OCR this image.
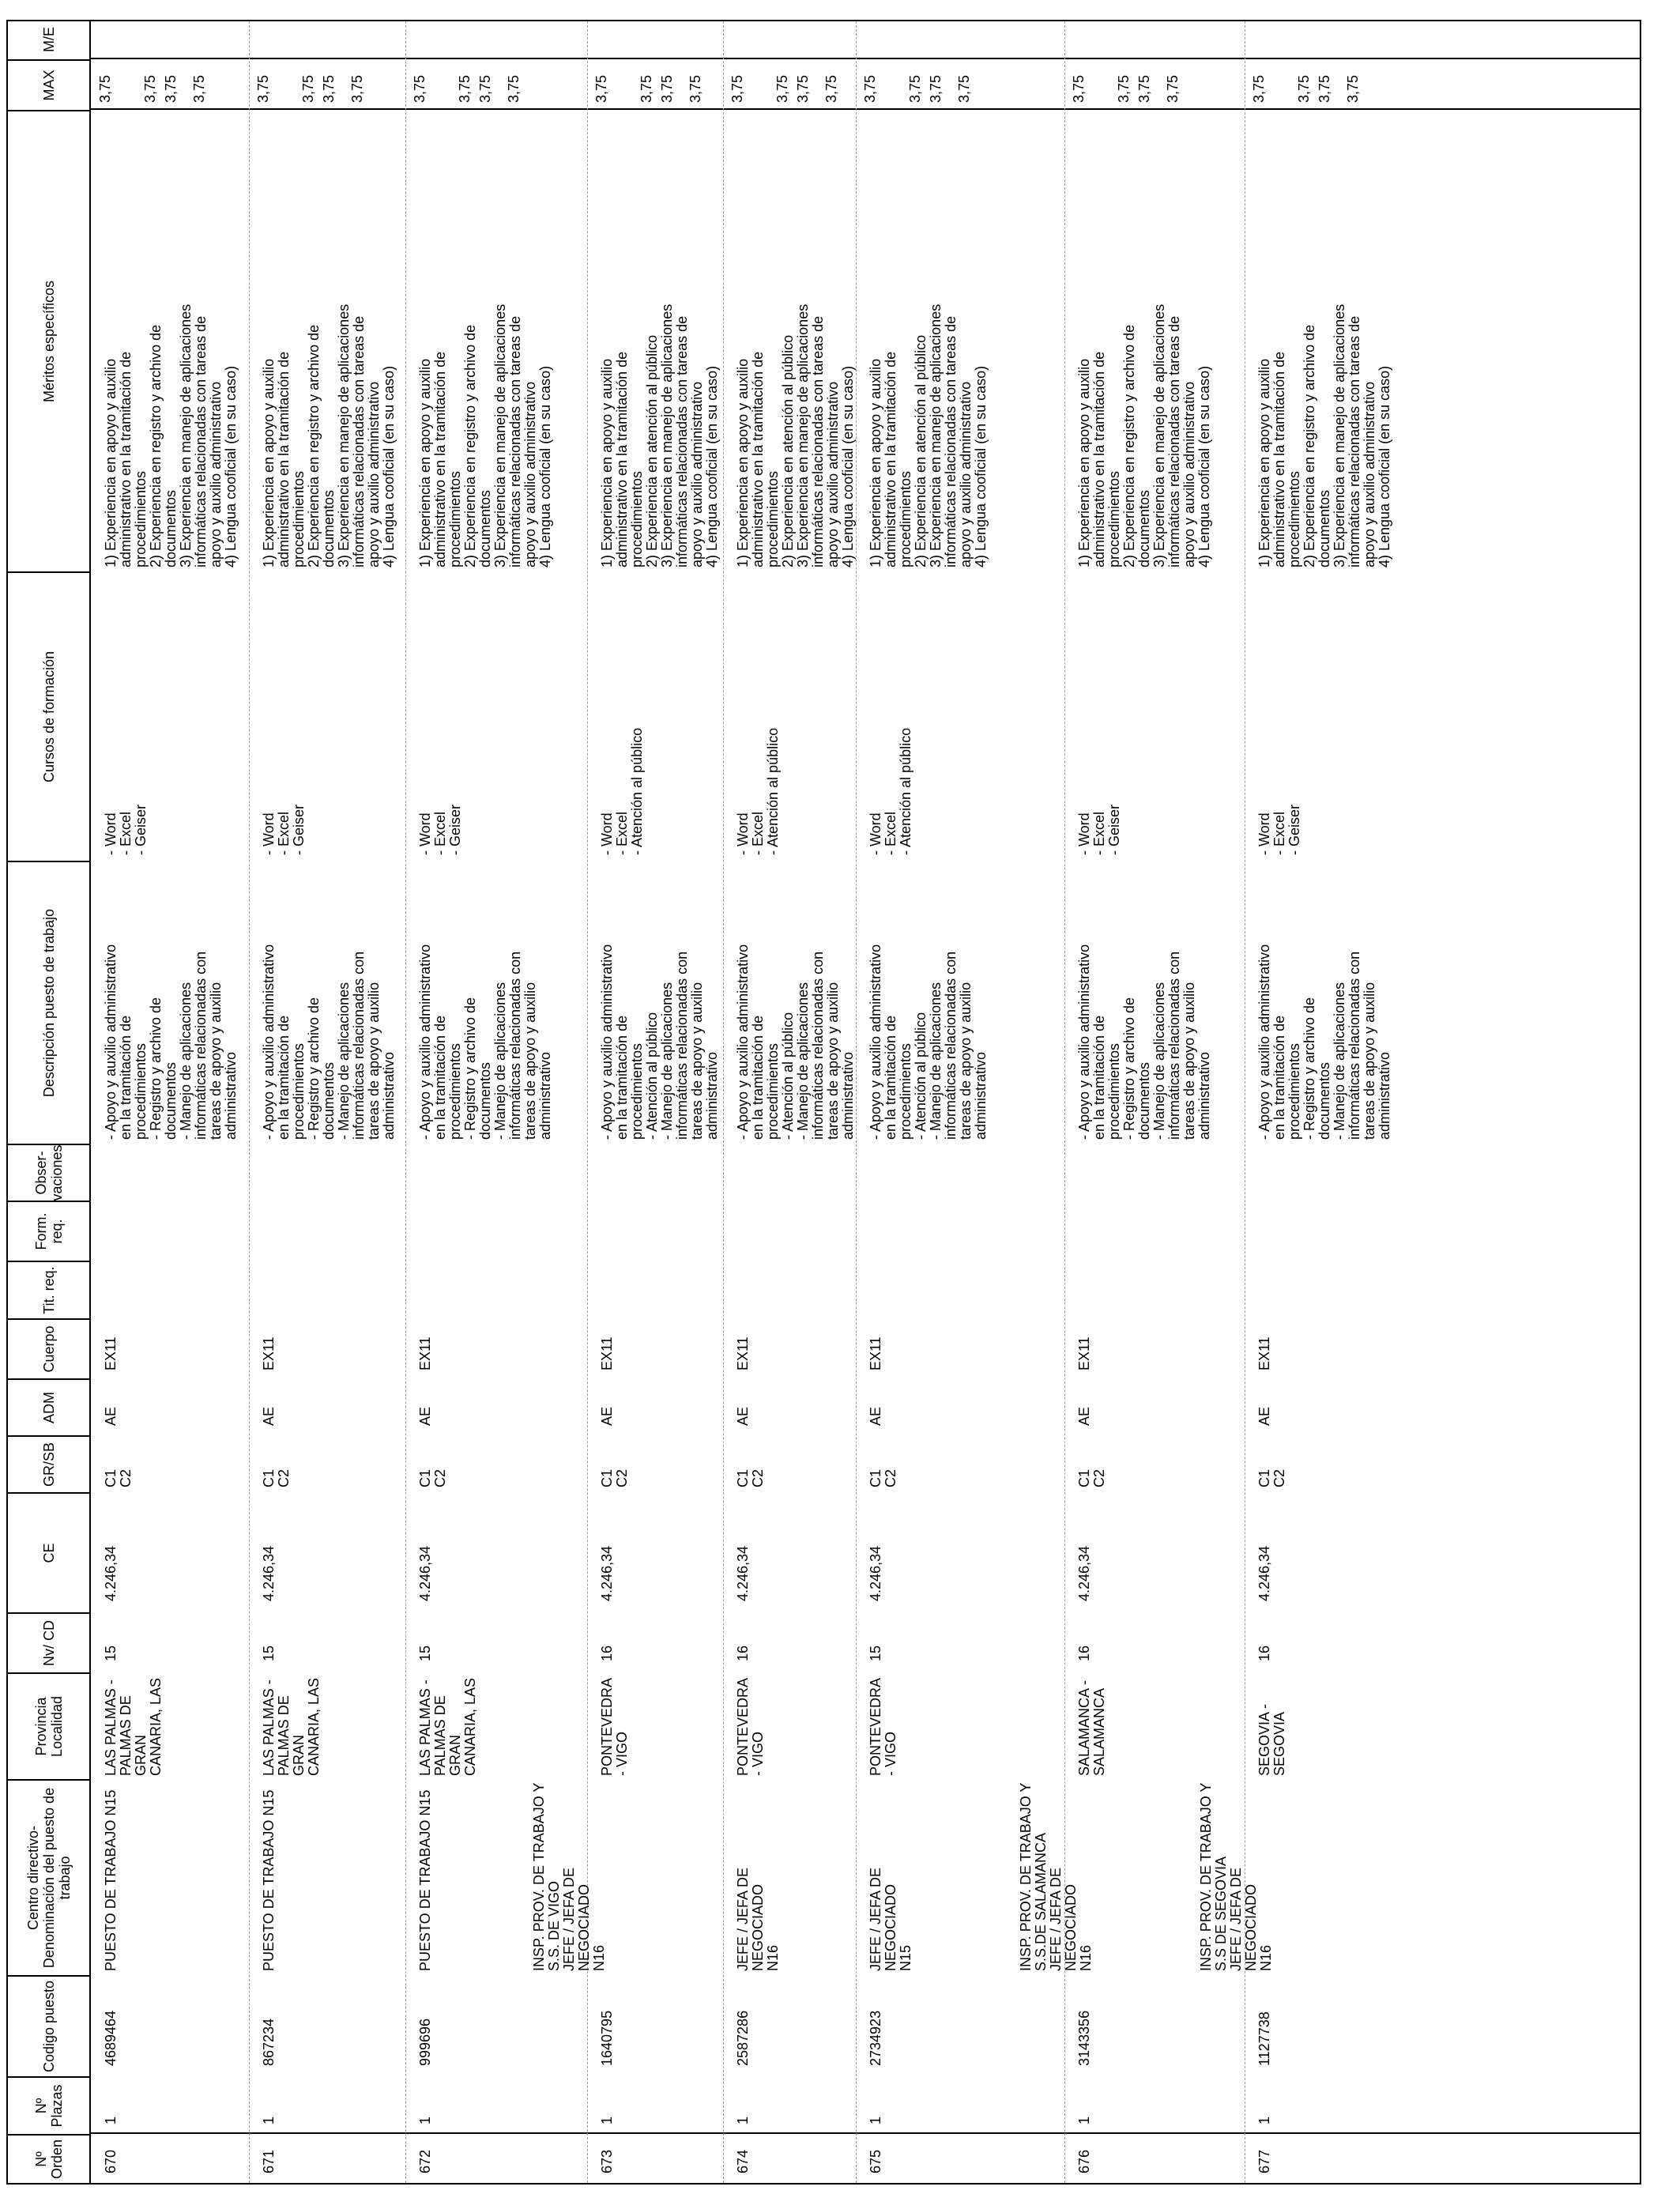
Nº Orden
Nº Plazas
Codigo puesto
Centro directivo- Denominación del puesto de trabajo
Provincia Localidad
Nv/ CD
CE
GR/SB
ADM
Cuerpo
Tit. req.
Form. req.
Obser- vaciones
Descripción puesto de trabajo
Cursos de formación
Méritos específicos
MAX
M/E
670
1
4689464
PUESTO DE TRABAJO N15
LAS PALMAS -
PALMAS DE
GRAN
CANARIA, LAS
15
4.246,34
C1
C2
AE
EX11
- Apoyo y auxilio administrativo
en la tramitación de
procedimientos
- Registro y archivo de
documentos
- Manejo de aplicaciones
informáticas relacionadas con
tareas de apoyo y auxilio
administrativo
- Word
- Excel
- Geiser
1) Experiencia en apoyo y auxilio
administrativo en la tramitación de
procedimientos
2) Experiencia en registro y archivo de
documentos
3) Experiencia en manejo de aplicaciones
informáticas relacionadas con tareas de
apoyo y auxilio administrativo
4) Lengua cooficial (en su caso)
3,75 3,75 3,75 3,75
671
1
867234
PUESTO DE TRABAJO N15
LAS PALMAS -
PALMAS DE
GRAN
CANARIA, LAS
15
4.246,34
C1
C2
AE
EX11
- Apoyo y auxilio administrativo
en la tramitación de
procedimientos
- Registro y archivo de
documentos
- Manejo de aplicaciones
informáticas relacionadas con
tareas de apoyo y auxilio
administrativo
- Word
- Excel
- Geiser
1) Experiencia en apoyo y auxilio
administrativo en la tramitación de
procedimientos
2) Experiencia en registro y archivo de
documentos
3) Experiencia en manejo de aplicaciones
informáticas relacionadas con tareas de
apoyo y auxilio administrativo
4) Lengua cooficial (en su caso)
3,75 3,75 3,75 3,75
672
1
999696
PUESTO DE TRABAJO N15
LAS PALMAS -
PALMAS DE
GRAN
CANARIA, LAS
15
4.246,34
C1
C2
AE
EX11
- Apoyo y auxilio administrativo
en la tramitación de
procedimientos
- Registro y archivo de
documentos
- Manejo de aplicaciones
informáticas relacionadas con
tareas de apoyo y auxilio
administrativo
- Word
- Excel
- Geiser
1) Experiencia en apoyo y auxilio
administrativo en la tramitación de
procedimientos
2) Experiencia en registro y archivo de
documentos
3) Experiencia en manejo de aplicaciones
informáticas relacionadas con tareas de
apoyo y auxilio administrativo
4) Lengua cooficial (en su caso)
3,75 3,75 3,75 3,75
673
1
1640795
INSP. PROV. DE TRABAJO Y
S.S. DE VIGO
JEFE / JEFA DE NEGOCIADO
N16
PONTEVEDRA
- VIGO
16
4.246,34
C1
C2
AE
EX11
- Apoyo y auxilio administrativo
en la tramitación de
procedimientos
- Atención al público
- Manejo de aplicaciones
informáticas relacionadas con
tareas de apoyo y auxilio
administrativo
- Word
- Excel
- Atención al público
1) Experiencia en apoyo y auxilio
administrativo en la tramitación de
procedimientos
2) Experiencia en atención al público
3) Experiencia en manejo de aplicaciones
informáticas relacionadas con tareas de
apoyo y auxilio administrativo
4) Lengua cooficial (en su caso)
3,75 3,75 3,75 3,75
674
1
2587286
JEFE / JEFA DE NEGOCIADO
N16
PONTEVEDRA
- VIGO
16
4.246,34
C1
C2
AE
EX11
- Apoyo y auxilio administrativo
en la tramitación de
procedimientos
- Atención al público
- Manejo de aplicaciones
informáticas relacionadas con
tareas de apoyo y auxilio
administrativo
- Word
- Excel
- Atención al público
1) Experiencia en apoyo y auxilio
administrativo en la tramitación de
procedimientos
2) Experiencia en atención al público
3) Experiencia en manejo de aplicaciones
informáticas relacionadas con tareas de
apoyo y auxilio administrativo
4) Lengua cooficial (en su caso)
3,75 3,75 3,75 3,75
675
1
2734923
JEFE / JEFA DE NEGOCIADO
N15
PONTEVEDRA
- VIGO
15
4.246,34
C1
C2
AE
EX11
- Apoyo y auxilio administrativo
en la tramitación de
procedimientos
- Atención al público
- Manejo de aplicaciones
informáticas relacionadas con
tareas de apoyo y auxilio
administrativo
- Word
- Excel
- Atención al público
1) Experiencia en apoyo y auxilio
administrativo en la tramitación de
procedimientos
2) Experiencia en atención al público
3) Experiencia en manejo de aplicaciones
informáticas relacionadas con tareas de
apoyo y auxilio administrativo
4) Lengua cooficial (en su caso)
3,75 3,75 3,75 3,75
676
1
3143356
INSP. PROV. DE TRABAJO Y
S.S.DE SALAMANCA
JEFE / JEFA DE NEGOCIADO
N16
SALAMANCA -
SALAMANCA
16
4.246,34
C1
C2
AE
EX11
- Apoyo y auxilio administrativo
en la tramitación de
procedimientos
- Registro y archivo de
documentos
- Manejo de aplicaciones
informáticas relacionadas con
tareas de apoyo y auxilio
administrativo
- Word
- Excel
- Geiser
1) Experiencia en apoyo y auxilio
administrativo en la tramitación de
procedimientos
2) Experiencia en registro y archivo de
documentos
3) Experiencia en manejo de aplicaciones
informáticas relacionadas con tareas de
apoyo y auxilio administrativo
4) Lengua cooficial (en su caso)
3,75 3,75 3,75 3,75
677
1
1127738
INSP. PROV. DE TRABAJO Y
S.S DE SEGOVIA
JEFE / JEFA DE NEGOCIADO
N16
SEGOVIA -
SEGOVIA
16
4.246,34
C1
C2
AE
EX11
- Apoyo y auxilio administrativo
en la tramitación de
procedimientos
- Registro y archivo de
documentos
- Manejo de aplicaciones
informáticas relacionadas con
tareas de apoyo y auxilio
administrativo
- Word
- Excel
- Geiser
1) Experiencia en apoyo y auxilio
administrativo en la tramitación de
procedimientos
2) Experiencia en registro y archivo de
documentos
3) Experiencia en manejo de aplicaciones
informáticas relacionadas con tareas de
apoyo y auxilio administrativo
4) Lengua cooficial (en su caso)
3,75 3,75 3,75 3,75
